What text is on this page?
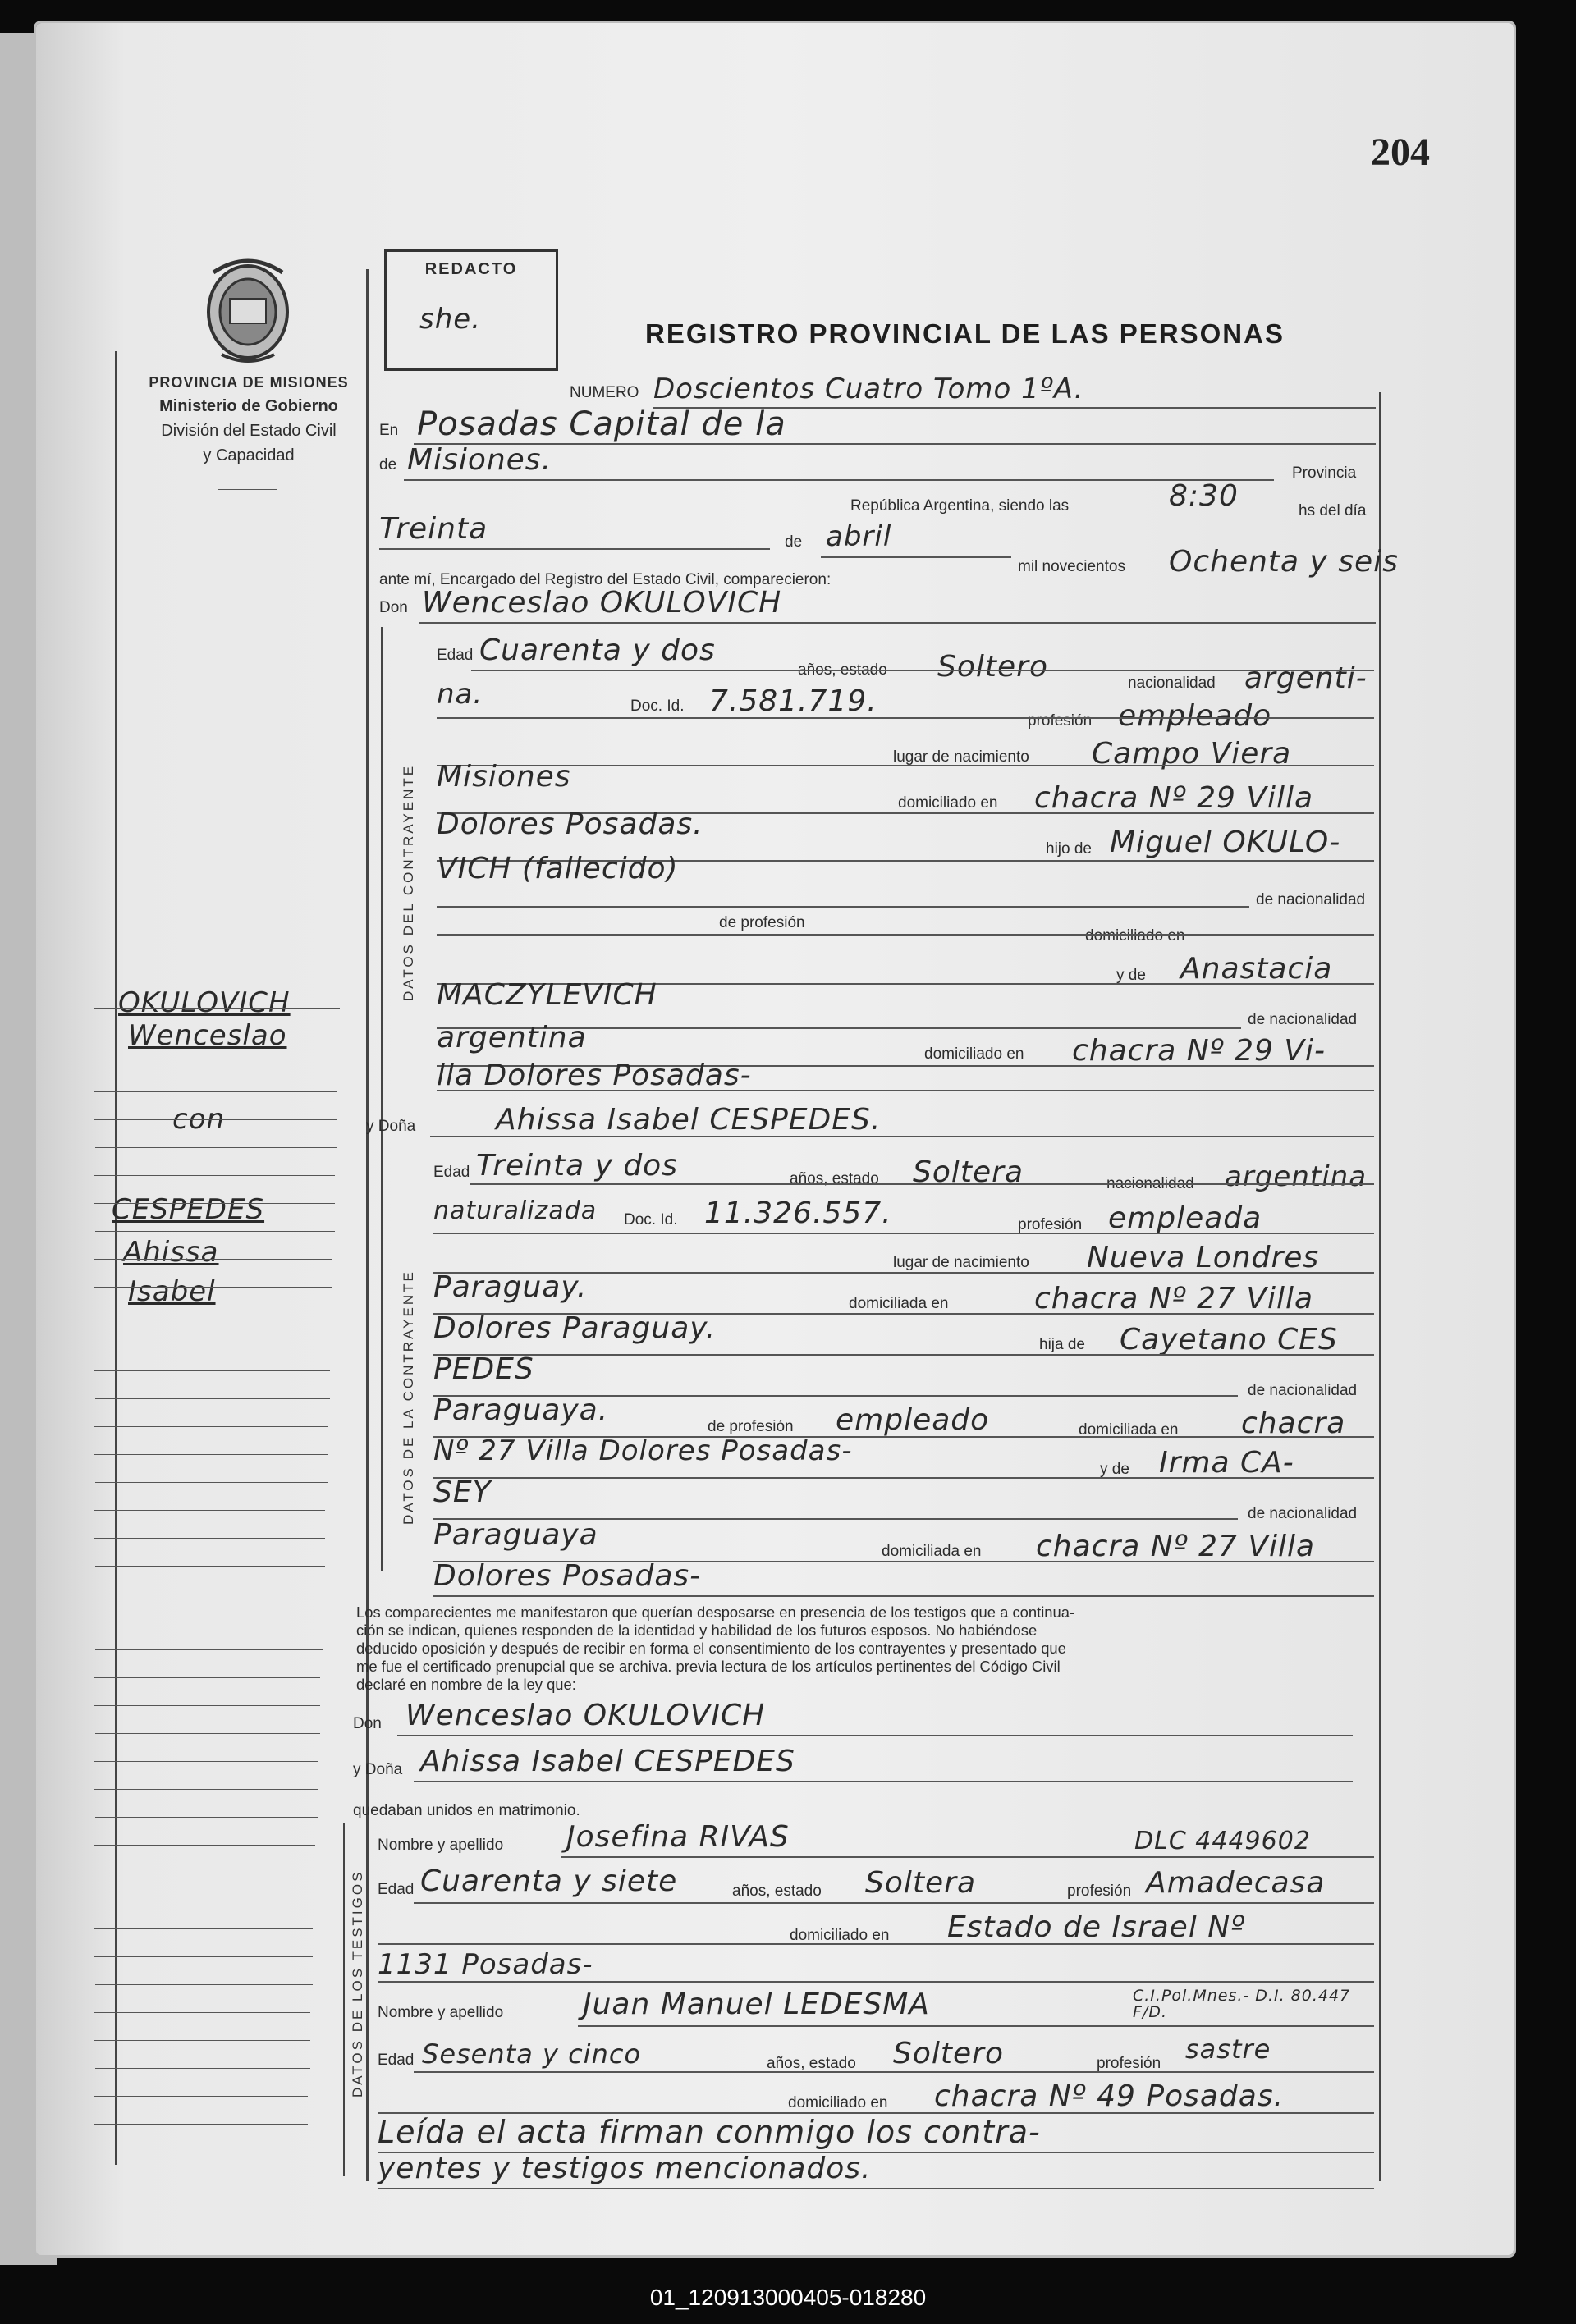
204
PROVINCIA DE MISIONES
Ministerio de Gobierno
División del Estado Civil
y Capacidad
REDACTO
she.	REGISTRO PROVINCIAL DE LAS PERSONAS
NUMERO Doscientos Cuatro Tomo 1ºA.
En Posadas Capital de la
de Misiones.	Provincia
República Argentina, siendo las	8:30	hs del día
Treinta	de abril
mil novecientos Ochenta y seis
ante mí, Encargado del Registro del Estado Civil, comparecieron:
Don Wenceslao OKULOVICH
DATOS DEL CONTRAYENTE
Edad Cuarenta y dos
años, estado Soltero	nacionalidad argenti-
na.	Doc. Id. 7.581.719.
profesión empleado
lugar de nacimiento Campo Viera
Misiones
domiciliado en chacra Nº 29 Villa
Dolores Posadas.
hijo de Miguel OKULO-
VICH (fallecido)
de nacionalidad
de profesión
domiciliado en
y de Anastacia
MACZYLEVICH
de nacionalidad
argentina	domiciliado en chacra Nº 29 Vi-
lla Dolores Posadas-
y Doña	Ahissa Isabel CESPEDES.
DATOS DE LA CONTRAYENTE
Edad Treinta y dos	años, estado Soltera	nacionalidad argentina
naturalizada Doc. Id. 11.326.557.	profesión empleada
lugar de nacimiento Nueva Londres
Paraguay.	domiciliada en	chacra Nº 27 Villa
Dolores Paraguay.	hija de Cayetano CES
PEDES
de nacionalidad
Paraguaya.	de profesión empleado	domiciliada en chacra
Nº 27 Villa Dolores Posadas-
y de Irma CA-
SEY
de nacionalidad
Paraguaya	domiciliada en chacra Nº 27 Villa
Dolores Posadas-
Los comparecientes me manifestaron que querían desposarse en presencia de los testigos que a continua-
ción se indican, quienes responden de la identidad y habilidad de los futuros esposos. No habiéndose
deducido oposición y después de recibir en forma el consentimiento de los contrayentes y presentado que
me fue el certificado prenupcial que se archiva. previa lectura de los artículos pertinentes del Código Civil
declaré en nombre de la ley que:
Don Wenceslao OKULOVICH
y Doña Ahissa Isabel CESPEDES
quedaban unidos en matrimonio.
DATOS DE LOS TESTIGOS
Nombre y apellido Josefina RIVAS	DLC 4449602
Edad Cuarenta y siete	años, estado Soltera	profesión Amadecasa
domiciliado en Estado de Israel Nº
1131 Posadas-
Nombre y apellido	Juan Manuel LEDESMA	C.I.Pol.Mnes.- D.I. 80.447 F/D.
Edad Sesenta y cinco	años, estado Soltero	profesión sastre
domiciliado en chacra Nº 49 Posadas.
Leída el acta firman conmigo los contra-
yentes y testigos mencionados.
OKULOVICH
Wenceslao
con
CESPEDES
Ahissa
Isabel
01_120913000405-018280
